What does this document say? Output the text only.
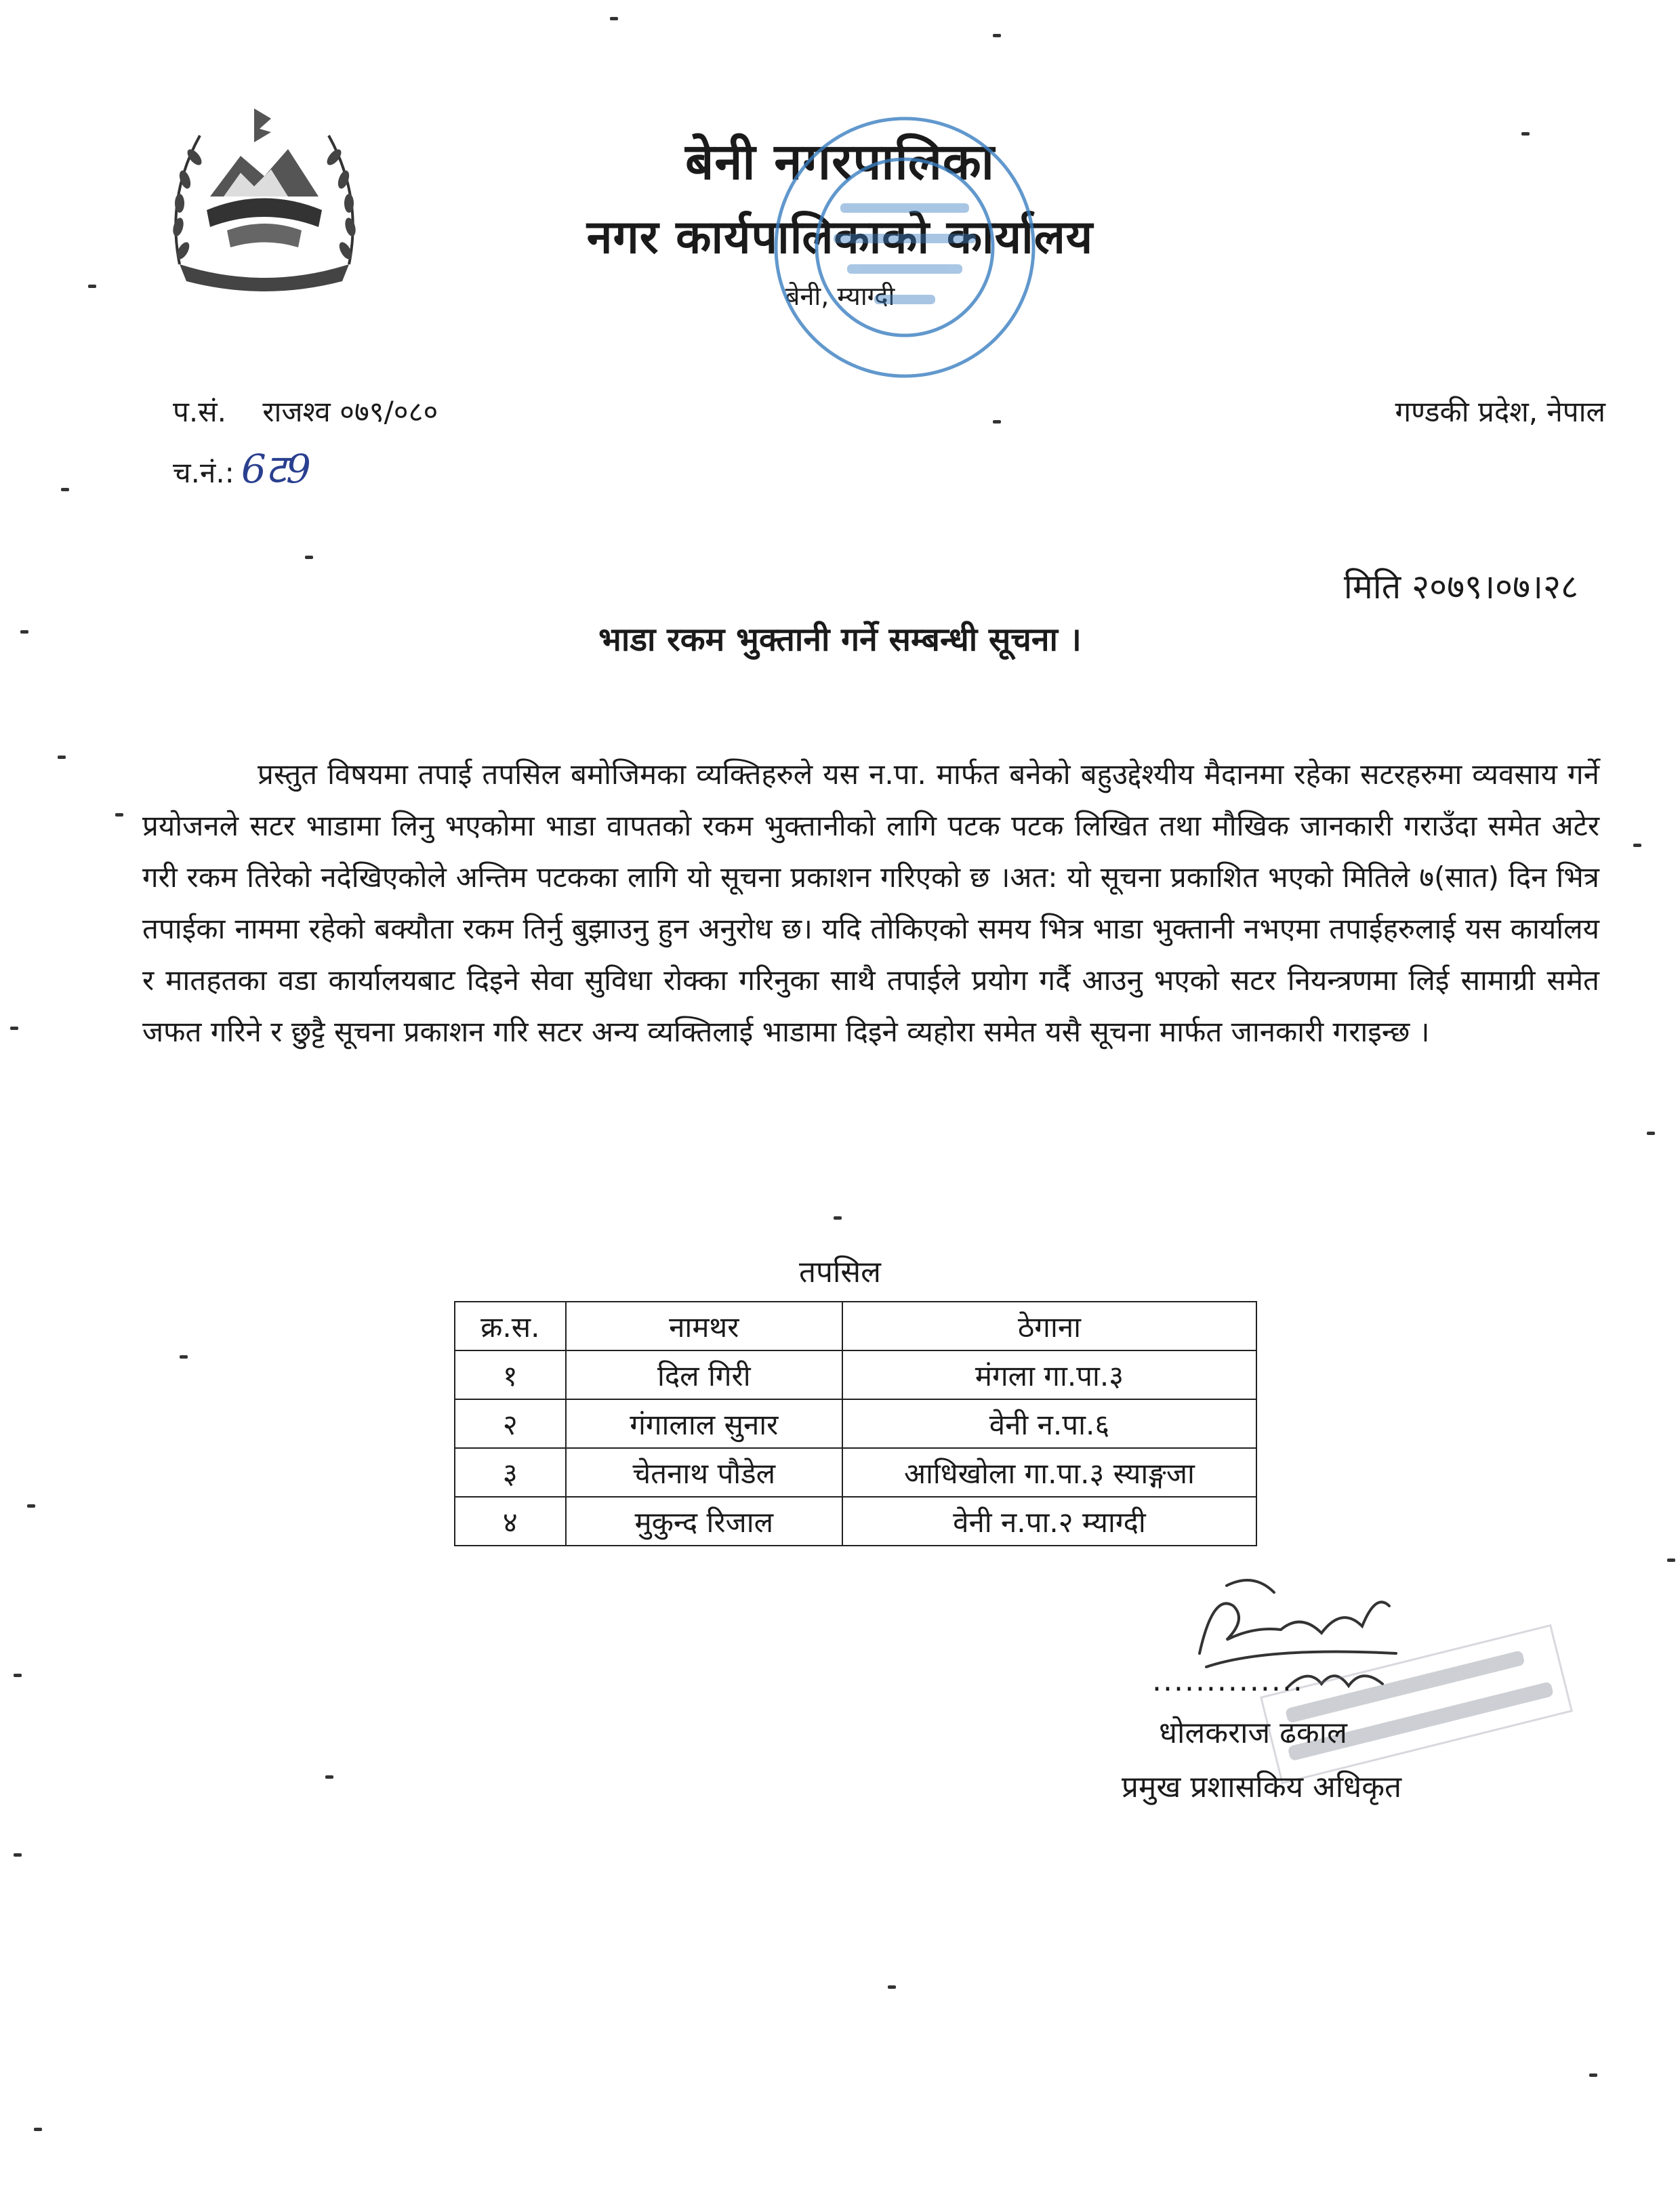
बेनी नगरपालिका
नगर कार्यपालिकाको कार्यालय
बेनी, म्याग्दी
प.सं. राजश्व ०७९/०८०
च.नं.: 6ट9
गण्डकी प्रदेश, नेपाल
मिति २०७९।०७।२८
भाडा रकम भुक्तानी गर्ने सम्बन्धी सूचना ।
प्रस्तुत विषयमा तपाई तपसिल बमोजिमका व्यक्तिहरुले यस न.पा. मार्फत बनेको बहुउद्देश्यीय मैदानमा रहेका सटरहरुमा व्यवसाय गर्ने प्रयोजनले सटर भाडामा लिनु भएकोमा भाडा वापतको रकम भुक्तानीको लागि पटक पटक लिखित तथा मौखिक जानकारी गराउँदा समेत अटेर गरी रकम तिरेको नदेखिएकोले अन्तिम पटकका लागि यो सूचना प्रकाशन गरिएको छ ।अत: यो सूचना प्रकाशित भएको मितिले ७(सात) दिन भित्र तपाईका नाममा रहेको बक्यौता रकम तिर्नु बुझाउनु हुन अनुरोध छ। यदि तोकिएको समय भित्र भाडा भुक्तानी नभएमा तपाईहरुलाई यस कार्यालय र मातहतका वडा कार्यालयबाट दिइने सेवा सुविधा रोक्का गरिनुका साथै तपाईले प्रयोग गर्दै आउनु भएको सटर नियन्त्रणमा लिई सामाग्री समेत जफत गरिने र छुट्टै सूचना प्रकाशन गरि सटर अन्य व्यक्तिलाई भाडामा दिइने व्यहोरा समेत यसै सूचना मार्फत जानकारी गराइन्छ ।
तपसिल
क्र.स.	नामथर	ठेगाना
१	दिल गिरी	मंगला गा.पा.३
२	गंगालाल सुनार	वेनी न.पा.६
३	चेतनाथ पौडेल	आधिखोला गा.पा.३ स्याङ्गजा
४	मुकुन्द रिजाल	वेनी न.पा.२ म्याग्दी
..............
धोलकराज ढकाल
प्रमुख प्रशासकिय अधिकृत
